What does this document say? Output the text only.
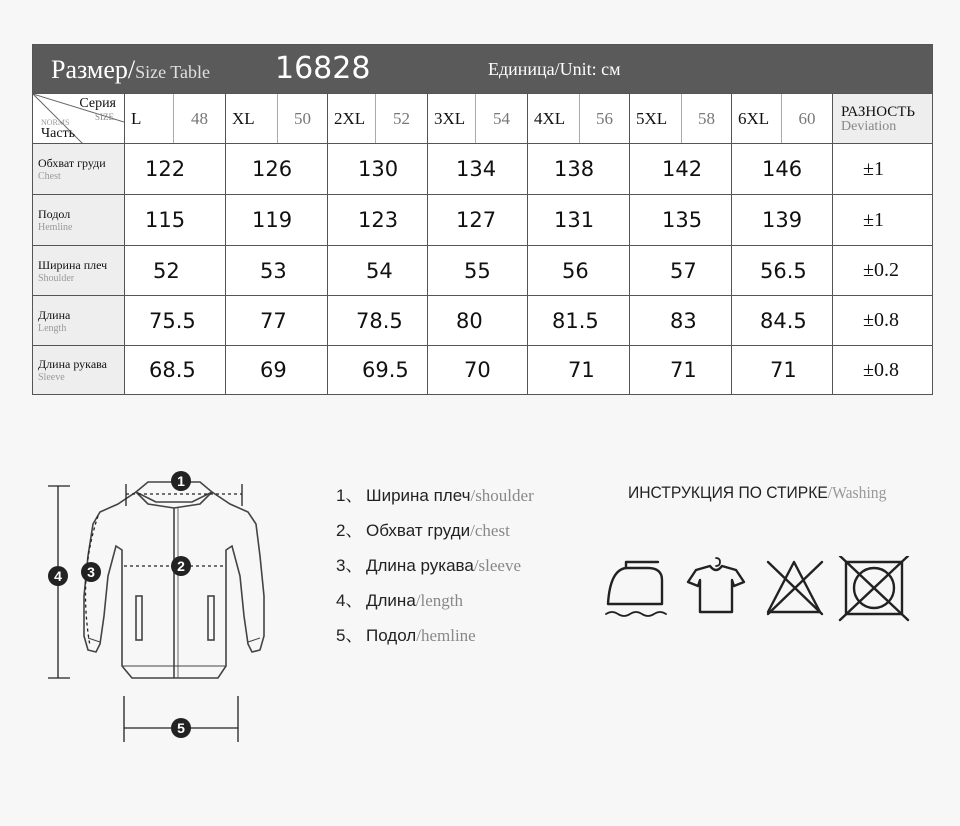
Размер/Size Table 16828	Единица/Unit: см
Серия
SIZE
NORMS
Часть
L	48	XL	50	2XL	52	3XL	54	4XL	56	5XL	58	6XL	60	РАЗНОСТЬ
Deviation
Обхват груди
Chest	122	126	130	134	138	142	146	±1
Подол
Hemline	115	119	123	127	131	135	139	±1
Ширина плеч
Shoulder	52	53	54	55	56	57	56.5	±0.2
Длина
Length	75.5	77	78.5	80	81.5	83	84.5	±0.8
Длина рукава
Sleeve	68.5	69	69.5	70	71	71	71	±0.8
1
2
3
4
5
1、 Ширина плеч/shoulder
2、 Обхват груди/chest
3、 Длина рукава/sleeve
4、 Длина/length
5、 Подол/hemline
ИНСТРУКЦИЯ ПО СТИРКЕ/Washing
